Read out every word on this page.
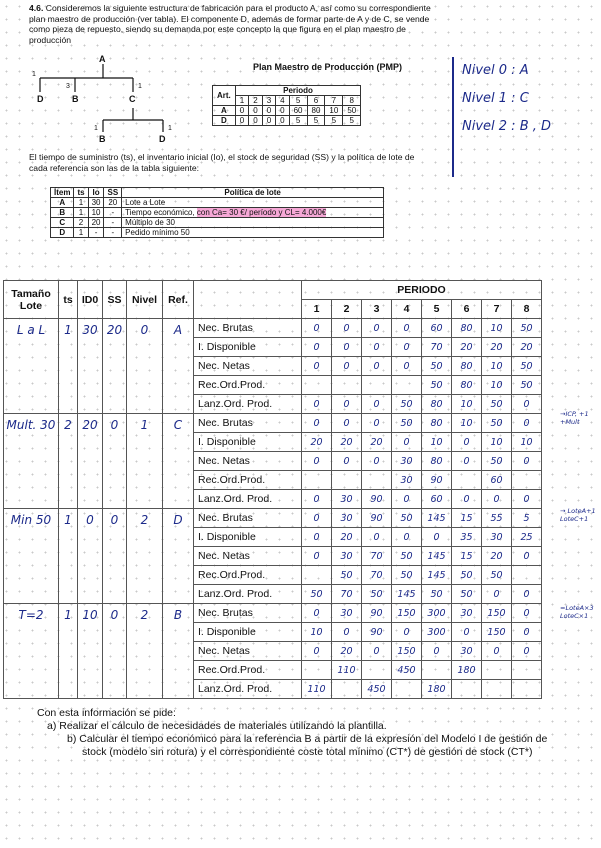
4.6. Consideremos la siguiente estructura de fabricación para el producto A, así como su correspondiente plan maestro de producción (ver tabla). El componente D, además de formar parte de A y de C, se vende como pieza de repuesto, siendo su demanda por este concepto la que figura en el plan maestro de producción
A
D	B	C
B	D
1
3	1
1	1
Plan Maestro de Producción (PMP)
Art.	Periodo							
	1	2	3	4	5	6	7	8
A	0	0	0	0	60	80	10	50
D	0	0	0	0	5	5	5	5
Nivel 0 : A
Nivel 1 : C
Nivel 2 : B , D
El tiempo de suministro (ts), el inventario inicial (Io), el stock de seguridad (SS) y la política de lote de cada referencia son las de la tabla siguiente:
Ítem	ts	Io	SS	Política de lote
A	1	30	20	Lote a Lote
B	1	10	-	Tiempo económico, con Ca= 30 €/ período y CL= 4.000€
C	2	20	-	Múltiplo de 30
D	1	-	-	Pedido mínimo 50
Tamaño
Lote	ts	ID0	SS	Nivel	Ref.		PERIODO							
							1	2	3	4	5	6	7	8
L a L	1	30	20	0	A	Nec. Brutas	0	0	0	0	60	80	10	50
						I. Disponible	0	0	0	0	70	20	20	20
						Nec. Netas	0	0	0	0	50	80	10	50
						Rec.Ord.Prod.					50	80	10	50
						Lanz.Ord. Prod.	0	0	0	50	80	10	50	0
Mult. 30	2	20	0	1	C	Nec. Brutas	0	0	0	50	80	10	50	0
						I. Disponible	20	20	20	0	10	0	10	10
						Nec. Netas	0	0	0	30	80	0	50	0
						Rec.Ord.Prod.				30	90		60	
						Lanz.Ord. Prod.	0	30	90	0	60	0	0	0
Min 50	1	0	0	2	D	Nec. Brutas	0	30	90	50	145	15	55	5
						I. Disponible	0	20	0	0	0	35	30	25
						Nec. Netas	0	30	70	50	145	15	20	0
						Rec.Ord.Prod.		50	70	50	145	50	50	
						Lanz.Ord. Prod.	50	70	50	145	50	50	0	0
T=2	1	10	0	2	B	Nec. Brutas	0	30	90	150	300	30	150	0
						I. Disponible	10	0	90	0	300	0	150	0
						Nec. Netas	0	20	0	150	0	30	0	0
						Rec.Ord.Prod.		110		450		180		
						Lanz.Ord. Prod.	110		450		180			
→ICP, +1 +Mult
→ LoteA+1 LoteC+1
=LoteA×3 LoteC×1
Con esta información se pide:
a) Realizar el cálculo de necesidades de materiales utilizando la plantilla.
b) Calcular el tiempo económico para la referencia B a partir de la expresión del Modelo I de gestión de stock (modelo sin rotura) y el correspondiente coste total mínimo (CT*) de gestión de stock (CT*)
